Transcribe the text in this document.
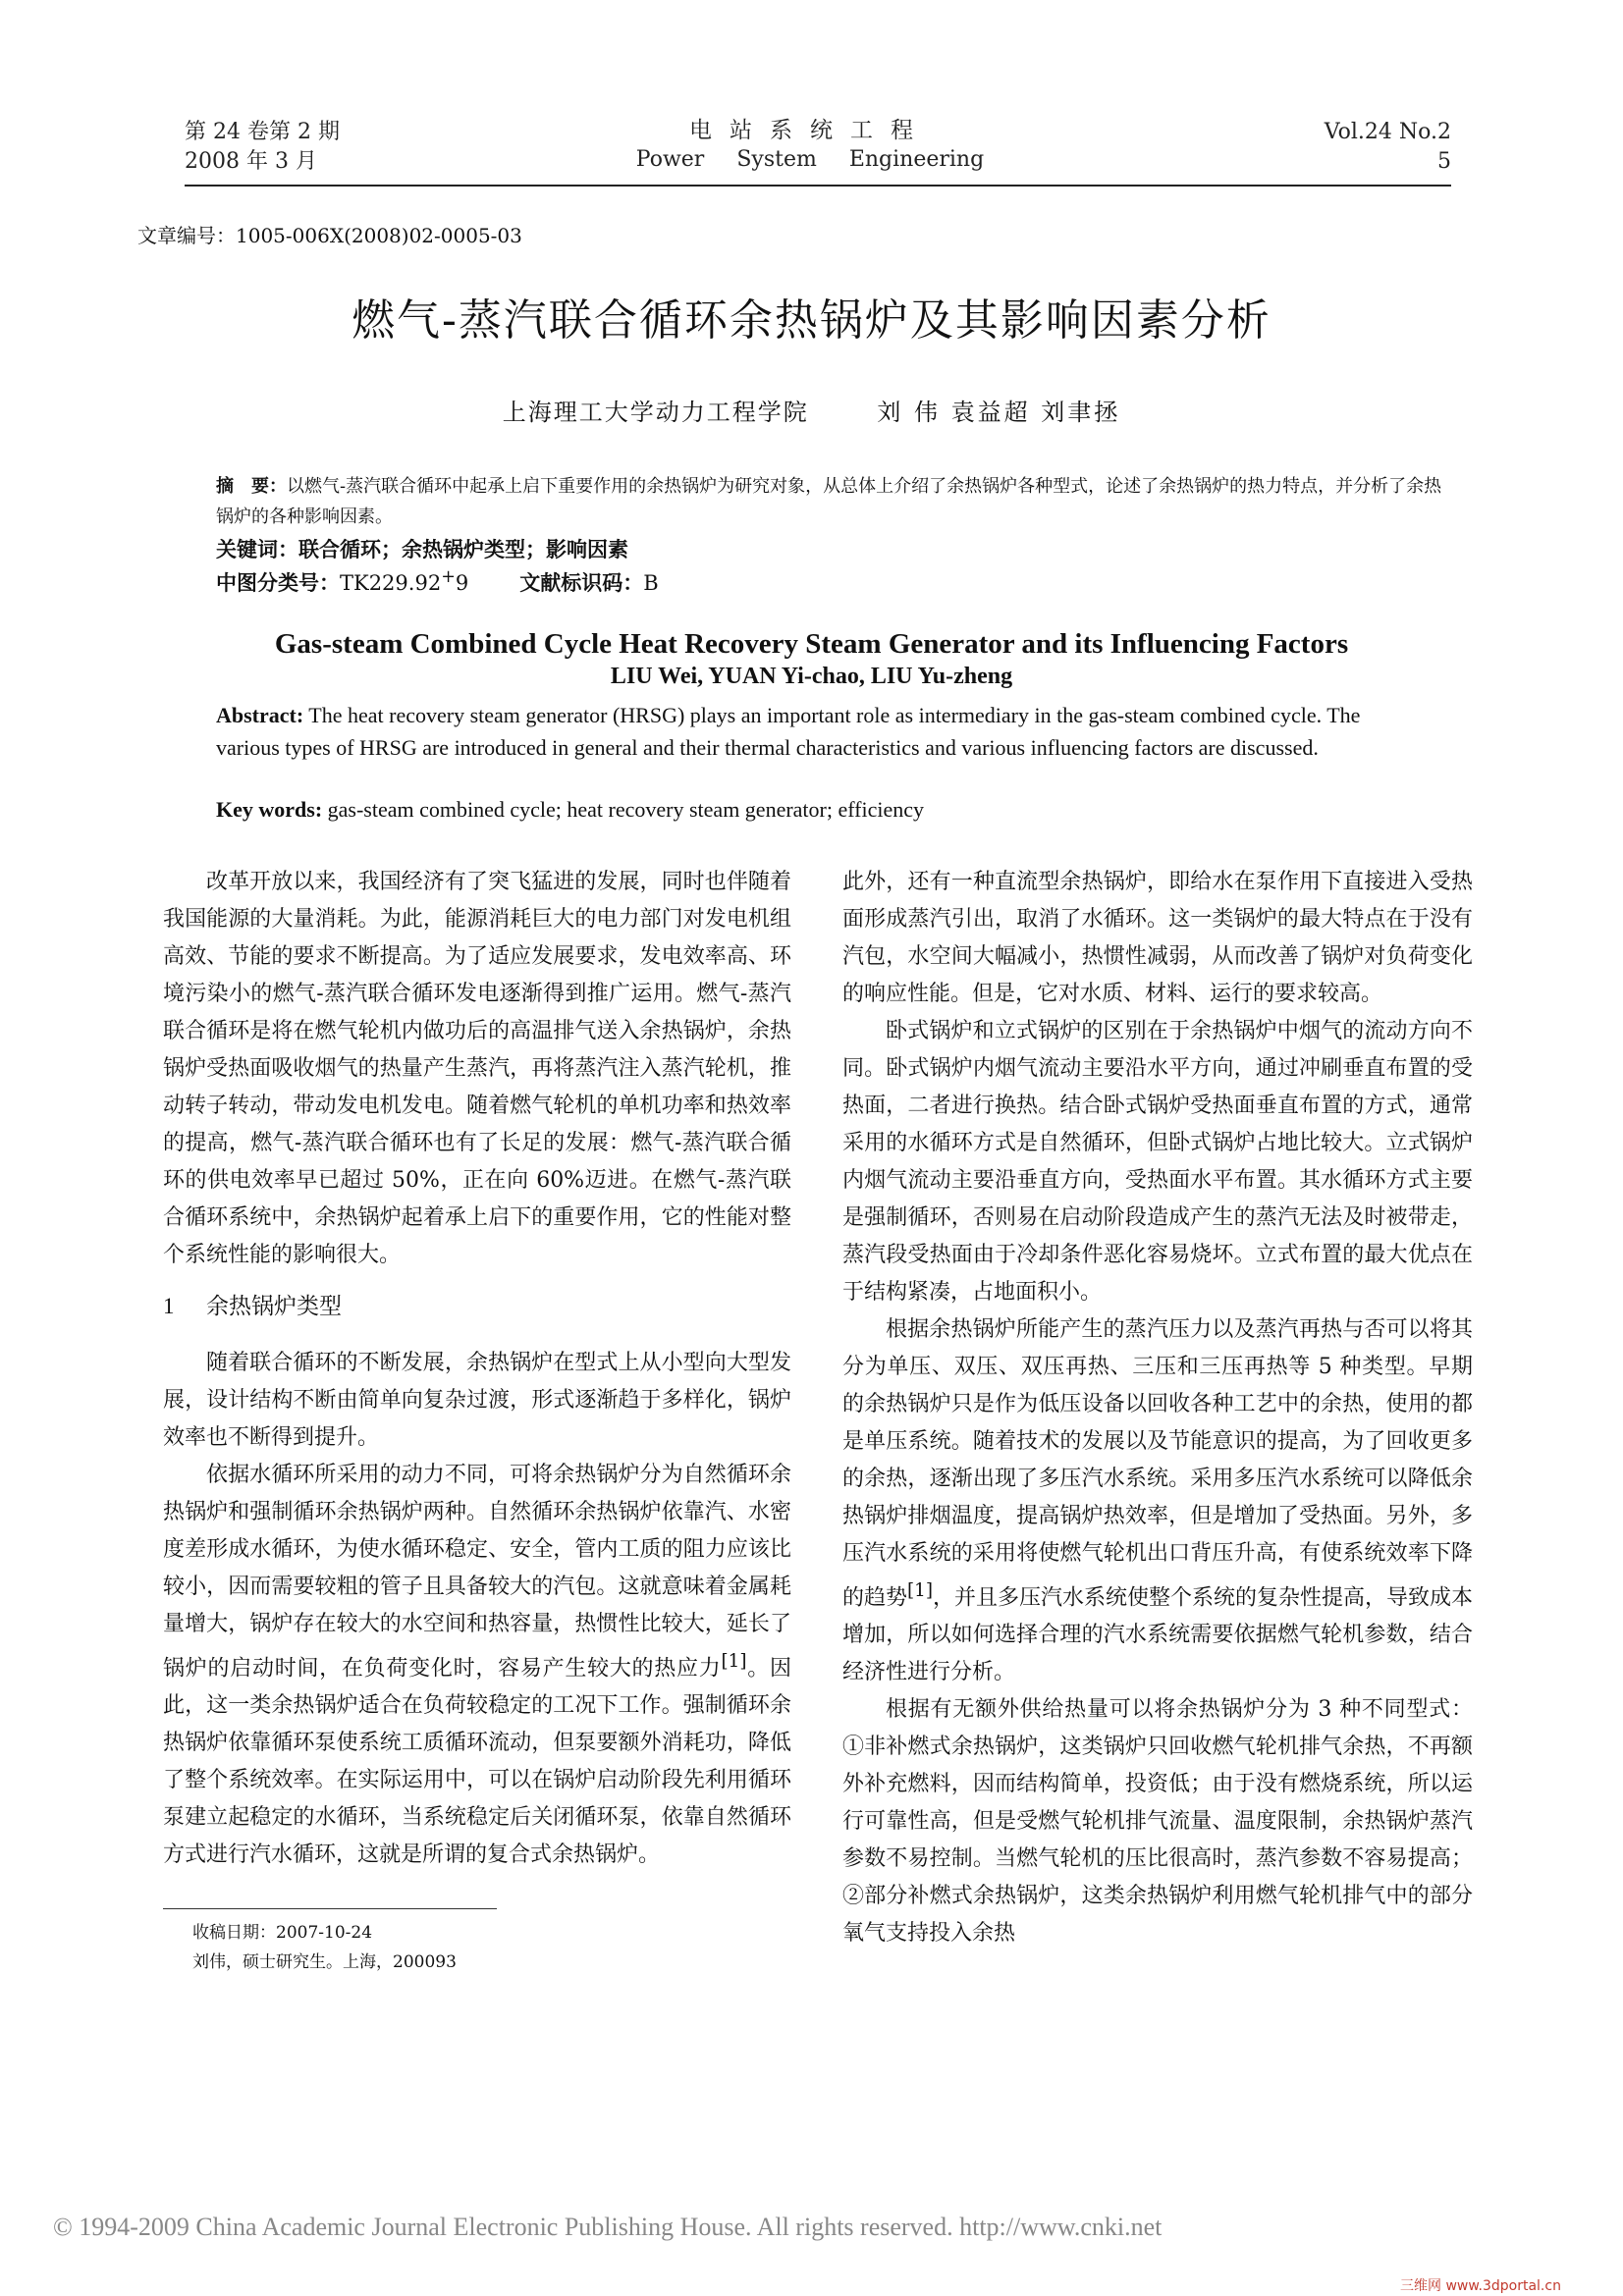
第 24 卷第 2 期
2008 年 3 月
电站系统工程
Power System Engineering
Vol.24 No.2
5
文章编号：1005-006X(2008)02-0005-03
燃气-蒸汽联合循环余热锅炉及其影响因素分析
上海理工大学动力工程学院	刘 伟 袁益超 刘聿拯
摘　要：以燃气-蒸汽联合循环中起承上启下重要作用的余热锅炉为研究对象，从总体上介绍了余热锅炉各种型式，论述了余热锅炉的热力特点，并分析了余热锅炉的各种影响因素。
关键词：联合循环；余热锅炉类型；影响因素
中图分类号：TK229.92+9 文献标识码：B
Gas-steam Combined Cycle Heat Recovery Steam Generator and its Influencing Factors
LIU Wei, YUAN Yi-chao, LIU Yu-zheng
Abstract: The heat recovery steam generator (HRSG) plays an important role as intermediary in the gas-steam combined cycle. The various types of HRSG are introduced in general and their thermal characteristics and various influencing factors are discussed.
Key words: gas-steam combined cycle; heat recovery steam generator; efficiency

改革开放以来，我国经济有了突飞猛进的发展，同时也伴随着我国能源的大量消耗。为此，能源消耗巨大的电力部门对发电机组高效、节能的要求不断提高。为了适应发展要求，发电效率高、环境污染小的燃气-蒸汽联合循环发电逐渐得到推广运用。燃气-蒸汽联合循环是将在燃气轮机内做功后的高温排气送入余热锅炉，余热锅炉受热面吸收烟气的热量产生蒸汽，再将蒸汽注入蒸汽轮机，推动转子转动，带动发电机发电。随着燃气轮机的单机功率和热效率的提高，燃气-蒸汽联合循环也有了长足的发展：燃气-蒸汽联合循环的供电效率早已超过 50%，正在向 60%迈进。在燃气-蒸汽联合循环系统中，余热锅炉起着承上启下的重要作用，它的性能对整个系统性能的影响很大。

1 余热锅炉类型

随着联合循环的不断发展，余热锅炉在型式上从小型向大型发展，设计结构不断由简单向复杂过渡，形式逐渐趋于多样化，锅炉效率也不断得到提升。

依据水循环所采用的动力不同，可将余热锅炉分为自然循环余热锅炉和强制循环余热锅炉两种。自然循环余热锅炉依靠汽、水密度差形成水循环，为使水循环稳定、安全，管内工质的阻力应该比较小，因而需要较粗的管子且具备较大的汽包。这就意味着金属耗量增大，锅炉存在较大的水空间和热容量，热惯性比较大，延长了锅炉的启动时间，在负荷变化时，容易产生较大的热应力[1]。因此，这一类余热锅炉适合在负荷较稳定的工况下工作。强制循环余热锅炉依靠循环泵使系统工质循环流动，但泵要额外消耗功，降低了整个系统效率。在实际运用中，可以在锅炉启动阶段先利用循环泵建立起稳定的水循环，当系统稳定后关闭循环泵，依靠自然循环方式进行汽水循环，这就是所谓的复合式余热锅炉。

此外，还有一种直流型余热锅炉，即给水在泵作用下直接进入受热面形成蒸汽引出，取消了水循环。这一类锅炉的最大特点在于没有汽包，水空间大幅减小，热惯性减弱，从而改善了锅炉对负荷变化的响应性能。但是，它对水质、材料、运行的要求较高。

卧式锅炉和立式锅炉的区别在于余热锅炉中烟气的流动方向不同。卧式锅炉内烟气流动主要沿水平方向，通过冲刷垂直布置的受热面，二者进行换热。结合卧式锅炉受热面垂直布置的方式，通常采用的水循环方式是自然循环，但卧式锅炉占地比较大。立式锅炉内烟气流动主要沿垂直方向，受热面水平布置。其水循环方式主要是强制循环，否则易在启动阶段造成产生的蒸汽无法及时被带走，蒸汽段受热面由于冷却条件恶化容易烧坏。立式布置的最大优点在于结构紧凑，占地面积小。

根据余热锅炉所能产生的蒸汽压力以及蒸汽再热与否可以将其分为单压、双压、双压再热、三压和三压再热等 5 种类型。早期的余热锅炉只是作为低压设备以回收各种工艺中的余热，使用的都是单压系统。随着技术的发展以及节能意识的提高，为了回收更多的余热，逐渐出现了多压汽水系统。采用多压汽水系统可以降低余热锅炉排烟温度，提高锅炉热效率，但是增加了受热面。另外，多压汽水系统的采用将使燃气轮机出口背压升高，有使系统效率下降的趋势[1]，并且多压汽水系统使整个系统的复杂性提高，导致成本增加，所以如何选择合理的汽水系统需要依据燃气轮机参数，结合经济性进行分析。

根据有无额外供给热量可以将余热锅炉分为 3 种不同型式：①非补燃式余热锅炉，这类锅炉只回收燃气轮机排气余热，不再额外补充燃料，因而结构简单，投资低；由于没有燃烧系统，所以运行可靠性高，但是受燃气轮机排气流量、温度限制，余热锅炉蒸汽参数不易控制。当燃气轮机的压比很高时，蒸汽参数不容易提高；②部分补燃式余热锅炉，这类余热锅炉利用燃气轮机排气中的部分氧气支持投入余热

收稿日期：2007-10-24
刘伟，硕士研究生。上海，200093
© 1994-2009 China Academic Journal Electronic Publishing House. All rights reserved. http://www.cnki.net
三维网 www.3dportal.cn
